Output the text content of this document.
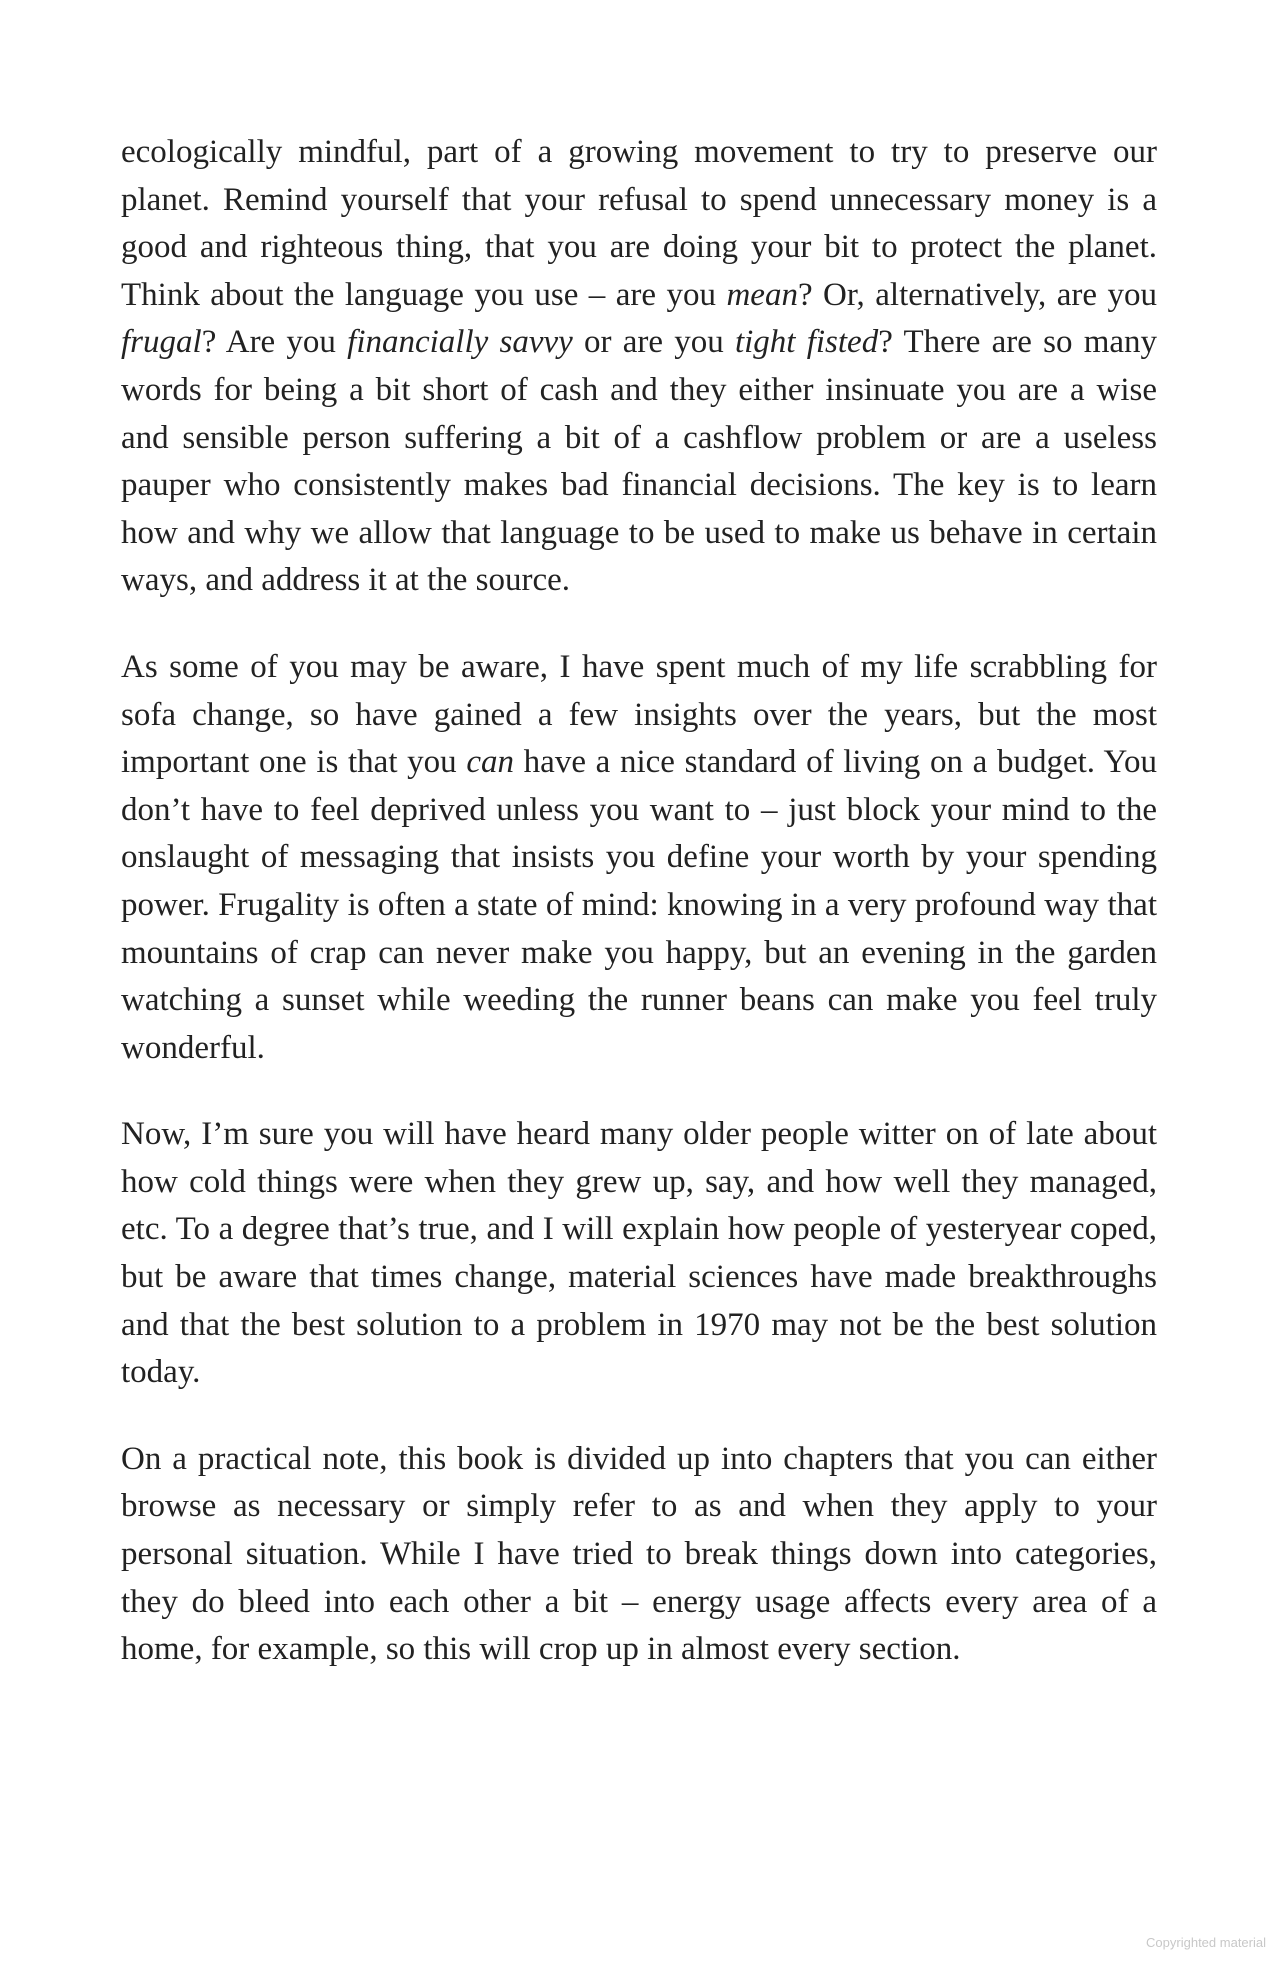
ecologically mindful, part of a growing movement to try to preserve our planet. Remind yourself that your refusal to spend unnecessary money is a good and righteous thing, that you are doing your bit to protect the planet. Think about the language you use – are you mean? Or, alternatively, are you frugal? Are you financially savvy or are you tight fisted? There are so many words for being a bit short of cash and they either insinuate you are a wise and sensible person suffering a bit of a cashflow problem or are a useless pauper who consistently makes bad financial decisions. The key is to learn how and why we allow that language to be used to make us behave in certain ways, and address it at the source.

As some of you may be aware, I have spent much of my life scrabbling for sofa change, so have gained a few insights over the years, but the most important one is that you can have a nice standard of living on a budget. You don’t have to feel deprived unless you want to – just block your mind to the onslaught of messaging that insists you define your worth by your spending power. Frugality is often a state of mind: knowing in a very profound way that mountains of crap can never make you happy, but an evening in the garden watching a sunset while weeding the runner beans can make you feel truly wonderful.

Now, I’m sure you will have heard many older people witter on of late about how cold things were when they grew up, say, and how well they managed, etc. To a degree that’s true, and I will explain how people of yesteryear coped, but be aware that times change, material sciences have made breakthroughs and that the best solution to a problem in 1970 may not be the best solution today.

On a practical note, this book is divided up into chapters that you can either browse as necessary or simply refer to as and when they apply to your personal situation. While I have tried to break things down into categories, they do bleed into each other a bit – energy usage affects every area of a home, for example, so this will crop up in almost every section.

Copyrighted material
